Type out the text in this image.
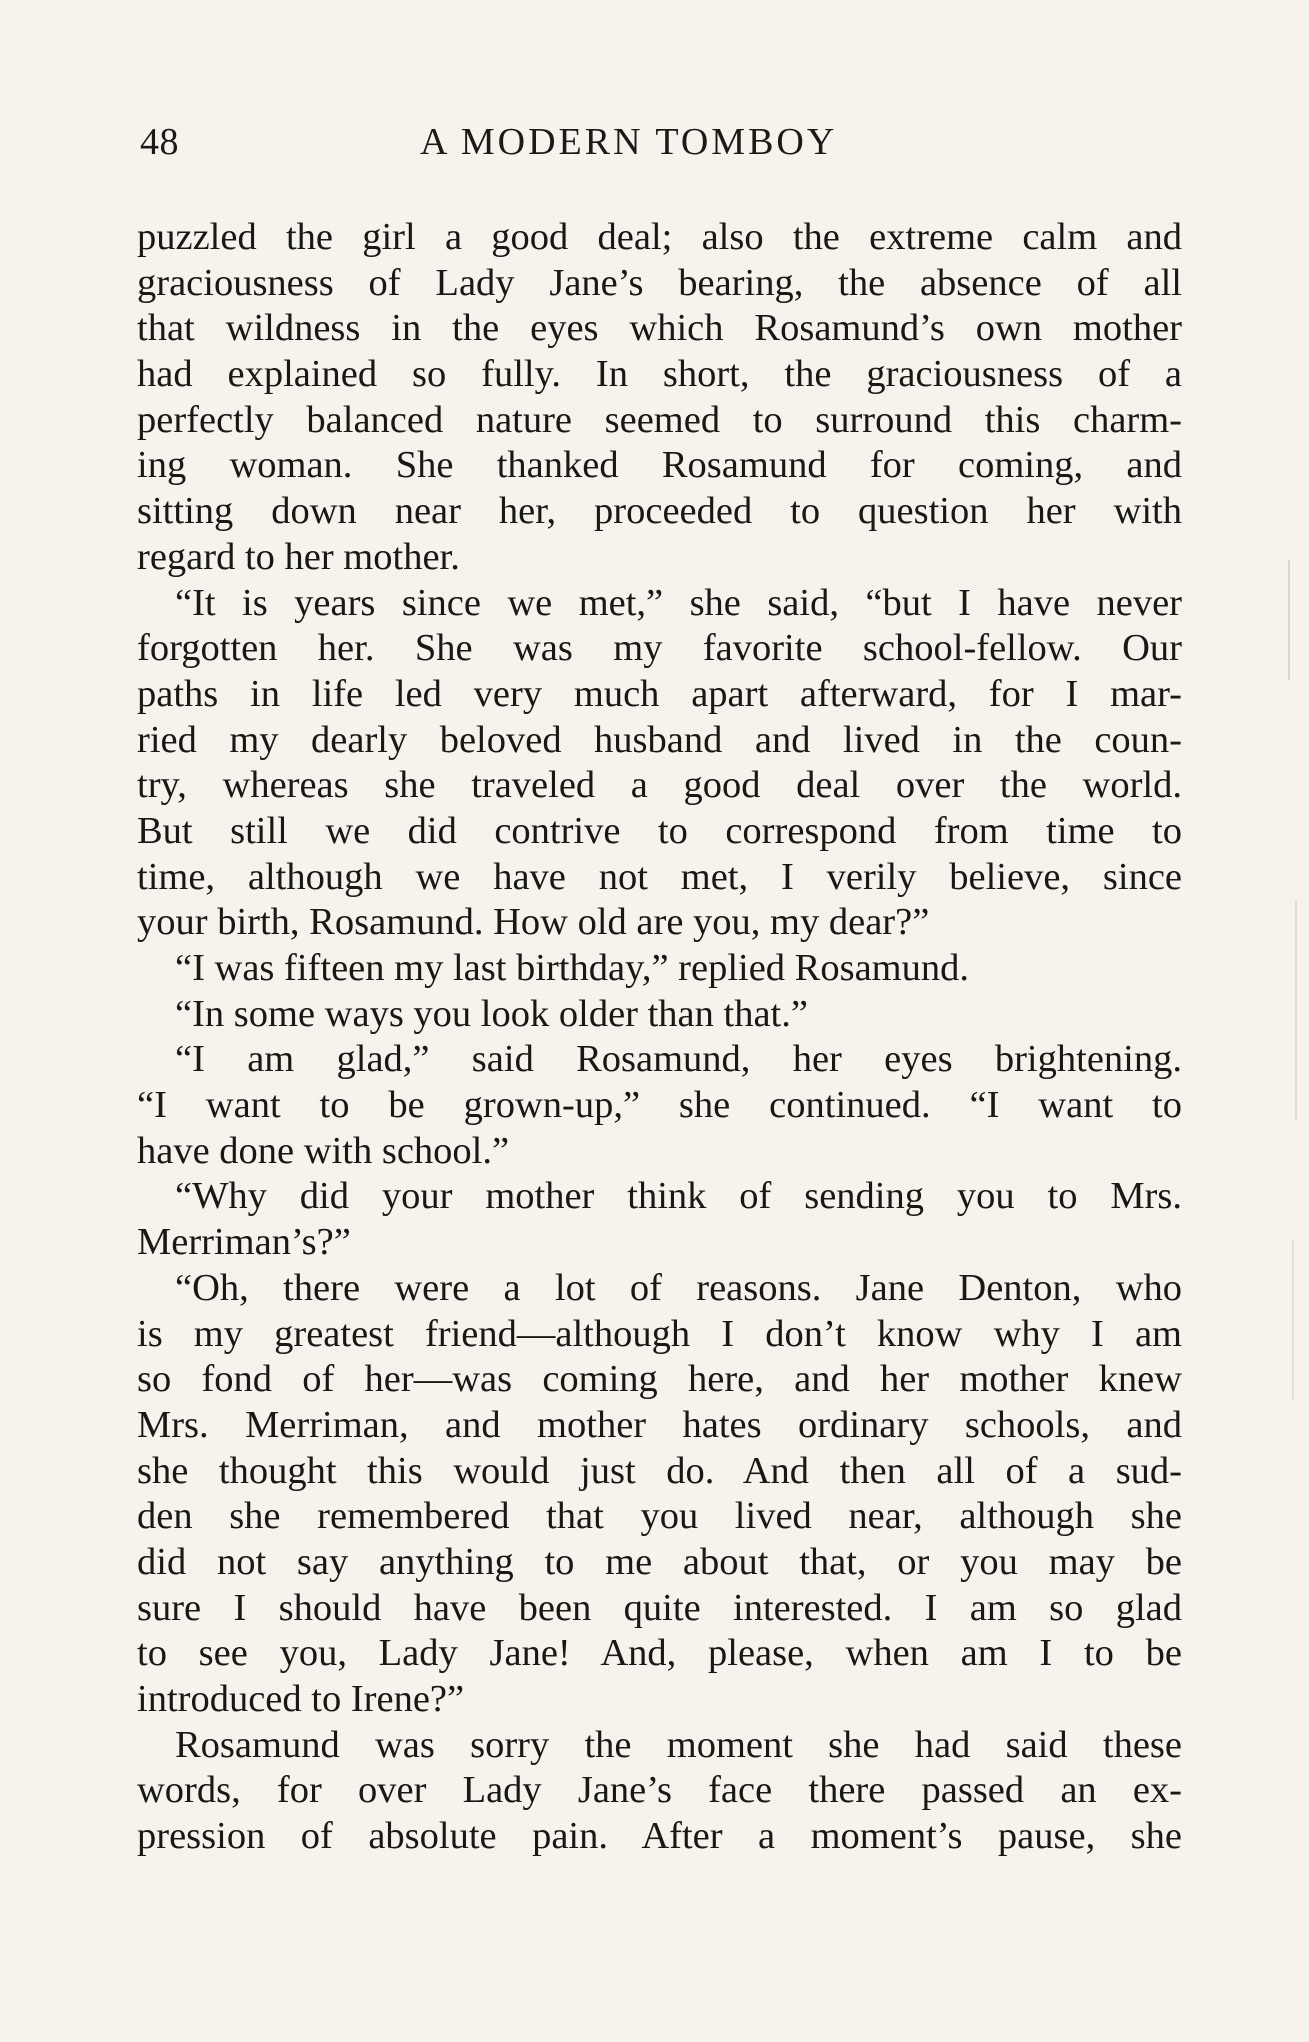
48	A MODERN TOMBOY
puzzled the girl a good deal; also the extreme calm and
graciousness of Lady Jane’s bearing, the absence of all
that wildness in the eyes which Rosamund’s own mother
had explained so fully. In short, the graciousness of a
perfectly balanced nature seemed to surround this charm-
ing woman. She thanked Rosamund for coming, and
sitting down near her, proceeded to question her with
regard to her mother.
“It is years since we met,” she said, “but I have never
forgotten her. She was my favorite school-fellow. Our
paths in life led very much apart afterward, for I mar-
ried my dearly beloved husband and lived in the coun-
try, whereas she traveled a good deal over the world.
But still we did contrive to correspond from time to
time, although we have not met, I verily believe, since
your birth, Rosamund. How old are you, my dear?”
“I was fifteen my last birthday,” replied Rosamund.
“In some ways you look older than that.”
“I am glad,” said Rosamund, her eyes brightening.
“I want to be grown-up,” she continued. “I want to
have done with school.”
“Why did your mother think of sending you to Mrs.
Merriman’s?”
“Oh, there were a lot of reasons. Jane Denton, who
is my greatest friend—although I don’t know why I am
so fond of her—was coming here, and her mother knew
Mrs. Merriman, and mother hates ordinary schools, and
she thought this would just do. And then all of a sud-
den she remembered that you lived near, although she
did not say anything to me about that, or you may be
sure I should have been quite interested. I am so glad
to see you, Lady Jane! And, please, when am I to be
introduced to Irene?”
Rosamund was sorry the moment she had said these
words, for over Lady Jane’s face there passed an ex-
pression of absolute pain. After a moment’s pause, she
